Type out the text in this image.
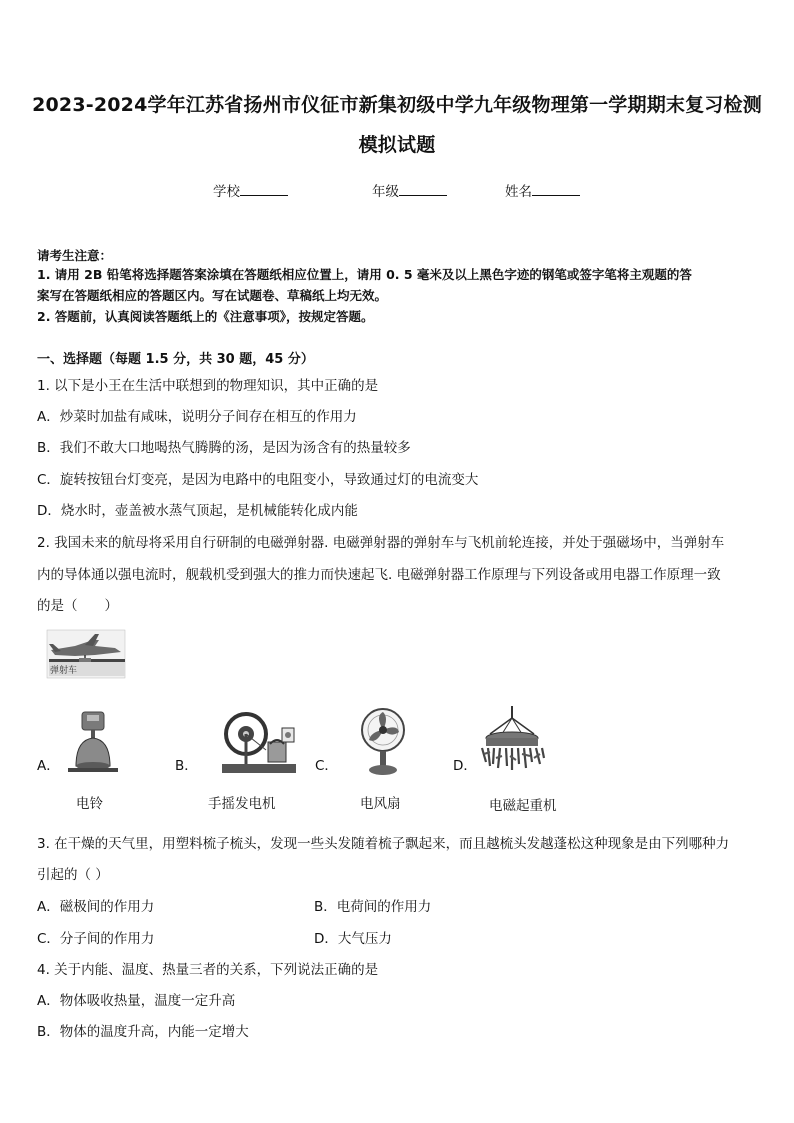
2023-2024学年江苏省扬州市仪征市新集初级中学九年级物理第一学期期末复习检测
模拟试题
学校	年级	姓名
请考生注意：
1. 请用 2B 铅笔将选择题答案涂填在答题纸相应位置上，请用 0. 5 毫米及以上黑色字迹的钢笔或签字笔将主观题的答
案写在答题纸相应的答题区内。写在试题卷、草稿纸上均无效。
2. 答题前，认真阅读答题纸上的《注意事项》，按规定答题。
一、选择题（每题 1.5 分，共 30 题，45 分）
1. 以下是小王在生活中联想到的物理知识，其中正确的是
A．炒菜时加盐有咸味，说明分子间存在相互的作用力
B．我们不敢大口地喝热气腾腾的汤，是因为汤含有的热量较多
C．旋转按钮台灯变亮，是因为电路中的电阻变小，导致通过灯的电流变大
D．烧水时，壶盖被水蒸气顶起，是机械能转化成内能
2. 我国未来的航母将采用自行研制的电磁弹射器. 电磁弹射器的弹射车与飞机前轮连接，并处于强磁场中，当弹射车
内的导体通以强电流时，舰载机受到强大的推力而快速起飞. 电磁弹射器工作原理与下列设备或用电器工作原理一致
的是（　　）
弹射车
A．
电铃
B．
手摇发电机
C．
电风扇
D．
电磁起重机
3. 在干燥的天气里，用塑料梳子梳头，发现一些头发随着梳子飘起来，而且越梳头发越蓬松这种现象是由下列哪种力
引起的（ ）
A．磁极间的作用力	B．电荷间的作用力
C．分子间的作用力	D．大气压力
4. 关于内能、温度、热量三者的关系，下列说法正确的是
A．物体吸收热量，温度一定升高
B．物体的温度升高，内能一定增大
